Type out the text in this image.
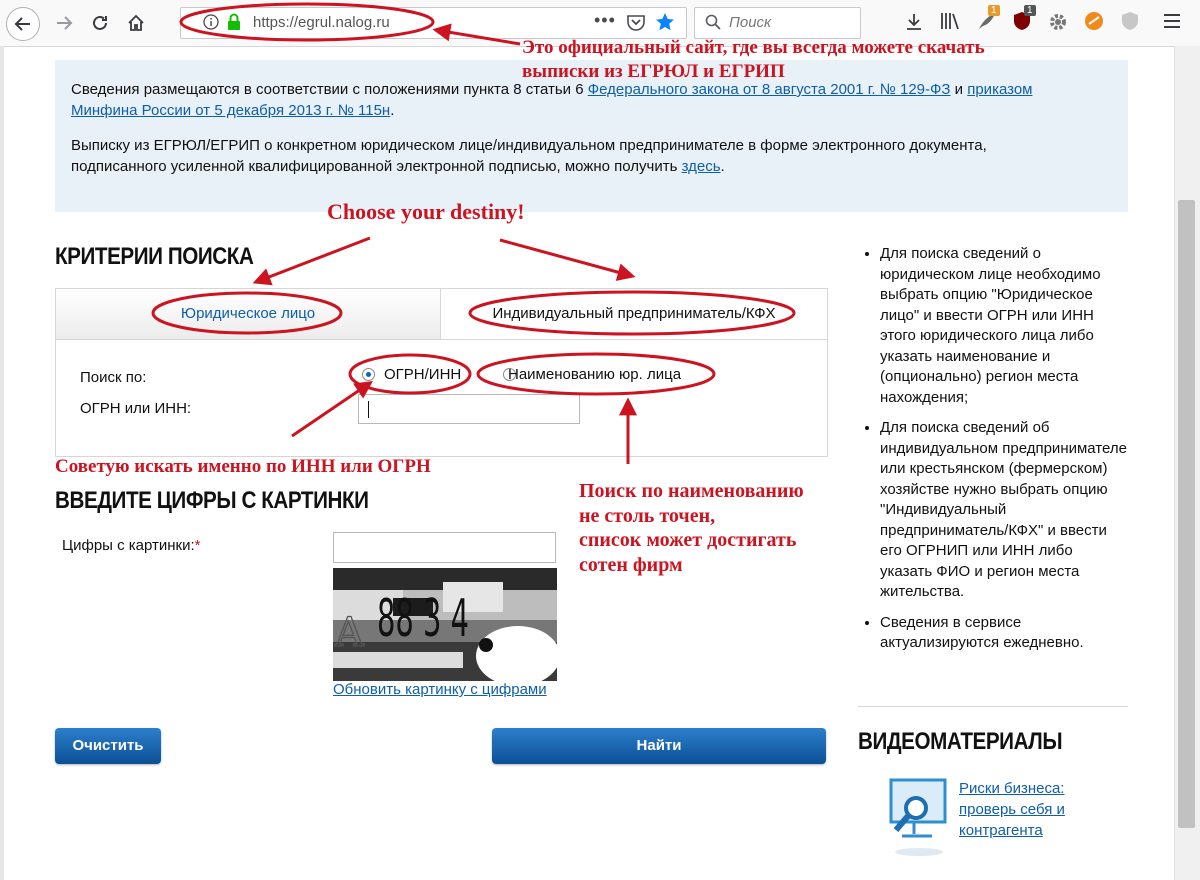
https://egrul.nalog.ru	•••	Поиск
1	1
Сведения размещаются в соответствии с положениями пункта 8 статьи 6 Федерального закона от 8 августа 2001 г. № 129-ФЗ и приказом
Минфина России от 5 декабря 2013 г. № 115н.
Выписку из ЕГРЮЛ/ЕГРИП о конкретном юридическом лице/индивидуальном предпринимателе в форме электронного документа,
подписанного усиленной квалифицированной электронной подписью, можно получить здесь.
КРИТЕРИИ ПОИСКА
Юридическое лицо	Индивидуальный предприниматель/КФХ
Поиск по:
	ОГРН/ИНН	Наименованию юр. лица
ОГРН или ИНН:
ВВЕДИТЕ ЦИФРЫ С КАРТИНКИ
Цифры с картинки:*
A 88 3 4
Обновить картинку с цифрами
Очистить	Найти
• Для поиска сведений о юридическом лице необходимо выбрать опцию "Юридическое лицо" и ввести ОГРН или ИНН этого юридического лица либо указать наименование и (опционально) регион места нахождения;
• Для поиска сведений об индивидуальном предпринимателе или крестьянском (фермерском) хозяйстве нужно выбрать опцию "Индивидуальный предприниматель/КФХ" и ввести его ОГРНИП или ИНН либо указать ФИО и регион места жительства.
• Сведения в сервисе актуализируются ежедневно.
ВИДЕОМАТЕРИАЛЫ
Риски бизнеса:
проверь себя и
контрагента
Это официальный сайт, где вы всегда можете скачать
выписки из ЕГРЮЛ и ЕГРИП
Choose your destiny!
Советую искать именно по ИНН или ОГРН
Поиск по наименованию
не столь точен,
список может достигать
сотен фирм
